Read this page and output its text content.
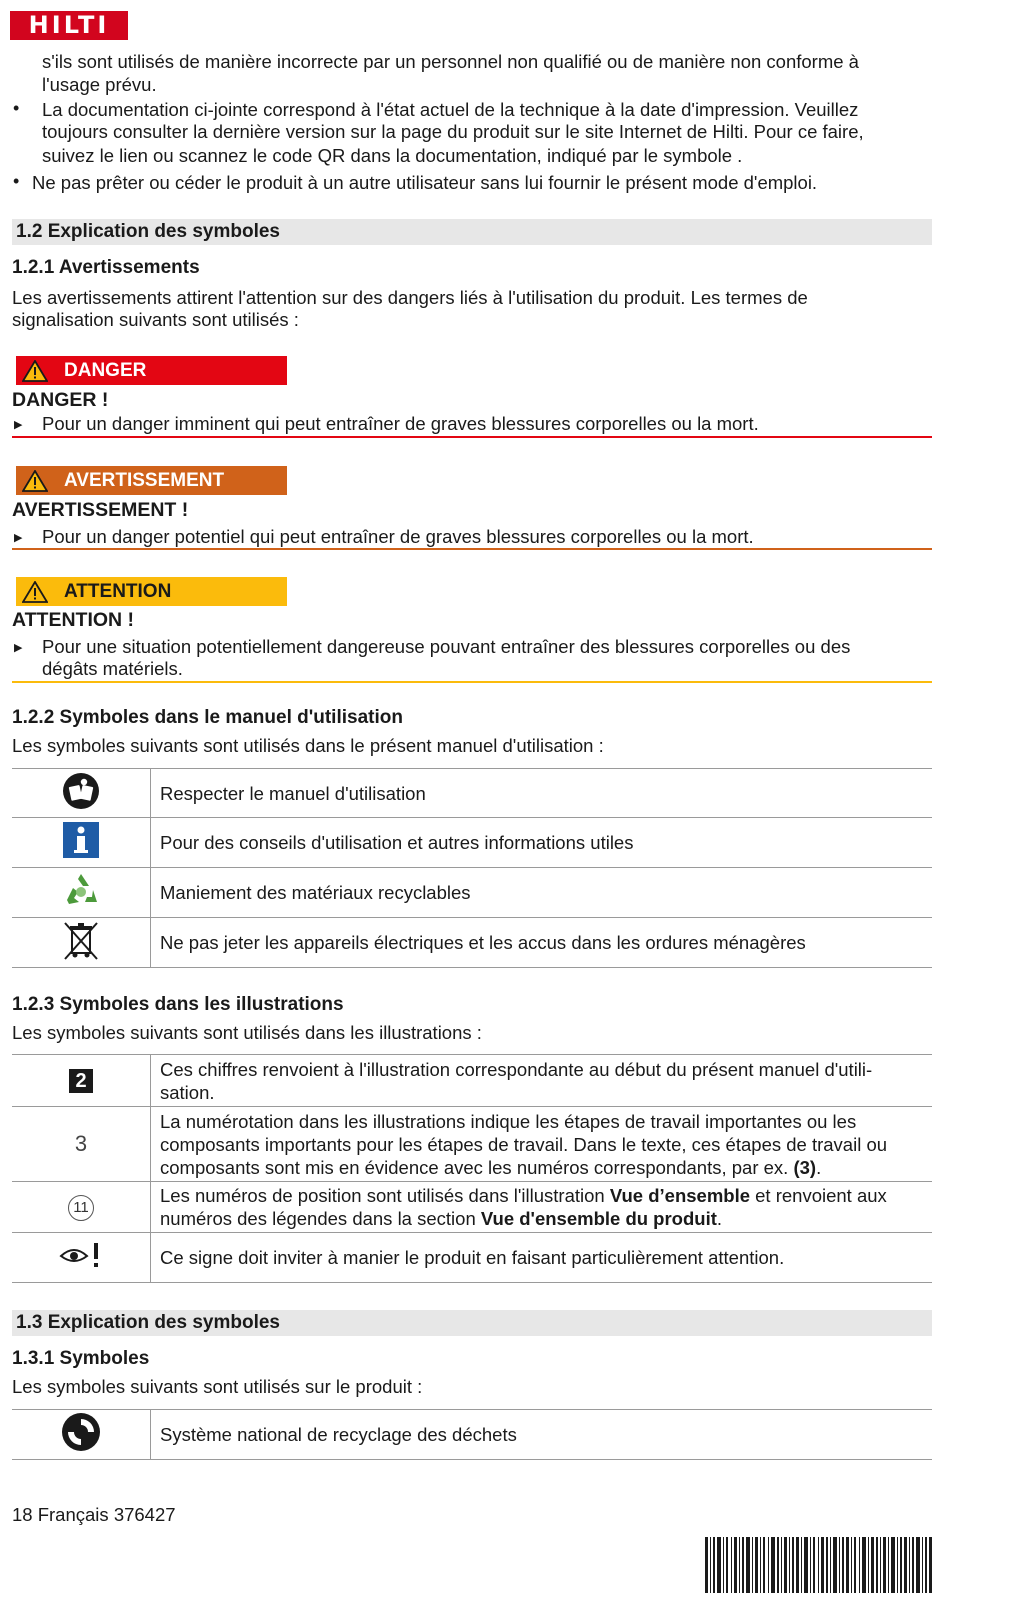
HILTI
s'ils sont utilisés de manière incorrecte par un personnel non qualifié ou de manière non conforme à
l'usage prévu.
• La documentation ci-jointe correspond à l'état actuel de la technique à la date d'impression. Veuillez
toujours consulter la dernière version sur la page du produit sur le site Internet de Hilti. Pour ce faire,
suivez le lien ou scannez le code QR dans la documentation, indiqué par le symbole .
• Ne pas prêter ou céder le produit à un autre utilisateur sans lui fournir le présent mode d'emploi.
1.2 Explication des symboles
1.2.1 Avertissements
Les avertissements attirent l'attention sur des dangers liés à l'utilisation du produit. Les termes de
signalisation suivants sont utilisés :
DANGER
DANGER !
▶ Pour un danger imminent qui peut entraîner de graves blessures corporelles ou la mort.
AVERTISSEMENT
AVERTISSEMENT !
▶ Pour un danger potentiel qui peut entraîner de graves blessures corporelles ou la mort.
ATTENTION
ATTENTION !
▶ Pour une situation potentiellement dangereuse pouvant entraîner des blessures corporelles ou des
dégâts matériels.
1.2.2 Symboles dans le manuel d'utilisation
Les symboles suivants sont utilisés dans le présent manuel d'utilisation :
	Respecter le manuel d'utilisation
	Pour des conseils d'utilisation et autres informations utiles
	Maniement des matériaux recyclables
	Ne pas jeter les appareils électriques et les accus dans les ordures ménagères
1.2.3 Symboles dans les illustrations
Les symboles suivants sont utilisés dans les illustrations :
2	Ces chiffres renvoient à l'illustration correspondante au début du présent manuel d'utili-
sation.

3	La numérotation dans les illustrations indique les étapes de travail importantes ou les
composants importants pour les étapes de travail. Dans le texte, ces étapes de travail ou
composants sont mis en évidence avec les numéros correspondants, par ex. (3).

11	Les numéros de position sont utilisés dans l'illustration Vue d’ensemble et renvoient aux
numéros des légendes dans la section Vue d'ensemble du produit.

	Ce signe doit inviter à manier le produit en faisant particulièrement attention.
1.3 Explication des symboles
1.3.1 Symboles
Les symboles suivants sont utilisés sur le produit :
	Système national de recyclage des déchets
18 Français 376427
